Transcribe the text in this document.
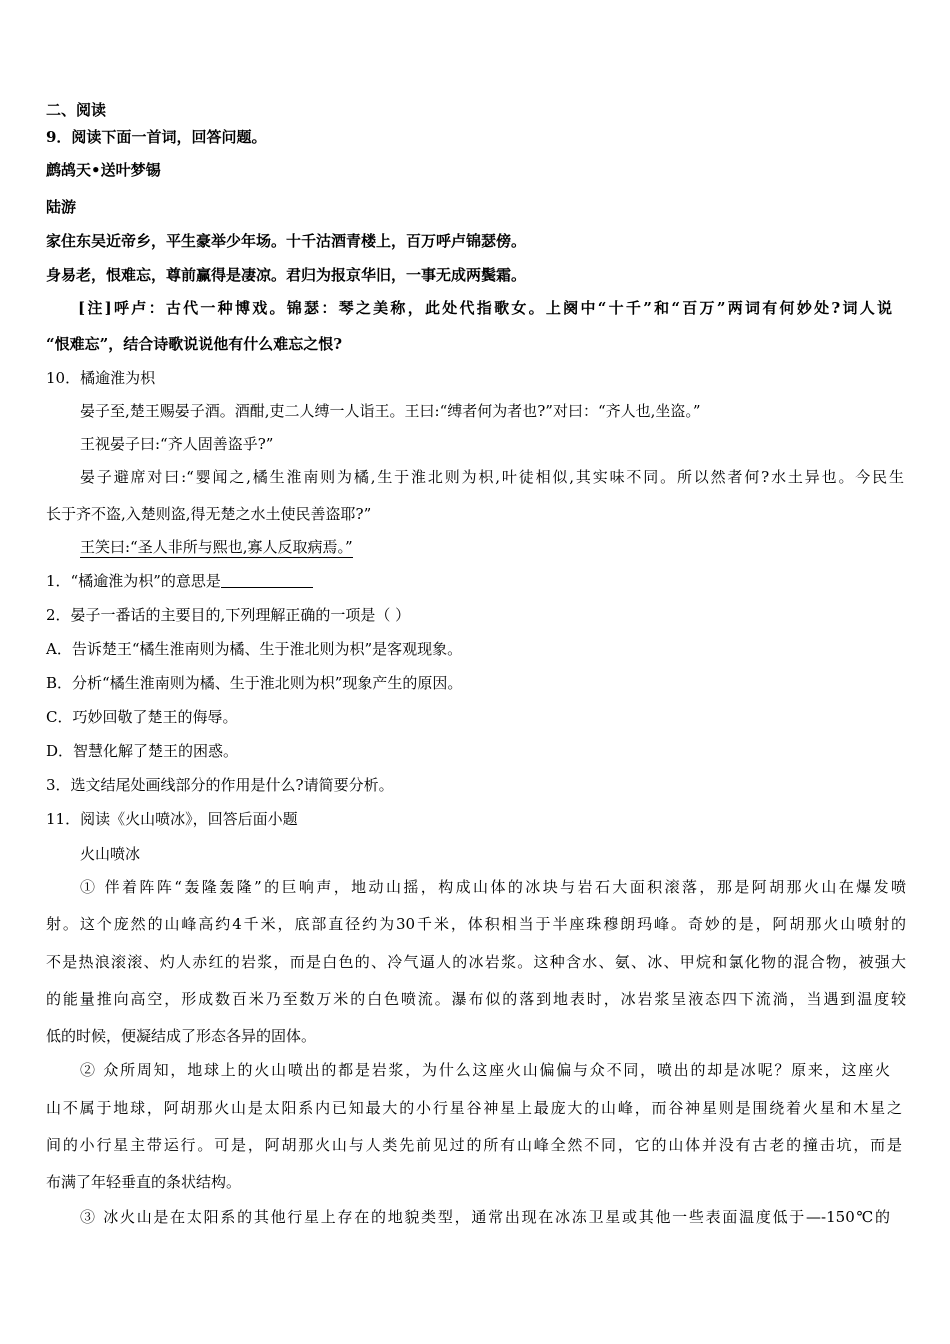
二、阅读
9．阅读下面一首词，回答问题。
鹧鸪天•送叶梦锡
陆游
家住东吴近帝乡，平生豪举少年场。十千沽酒青楼上，百万呼卢锦瑟傍。
身易老，恨难忘，尊前赢得是凄凉。君归为报京华旧，一事无成两鬓霜。
[注]呼卢：古代一种博戏。锦瑟：琴之美称，此处代指歌女。上阕中“十千”和“百万”两词有何妙处?词人说
“恨难忘”，结合诗歌说说他有什么难忘之恨?
10．橘逾淮为枳
晏子至,楚王赐晏子酒。酒酣,吏二人缚一人诣王。王曰:“缚者何为者也?”对曰：“齐人也,坐盗。”
王视晏子曰:“齐人固善盗乎?”
晏子避席对曰:“婴闻之,橘生淮南则为橘,生于淮北则为枳,叶徒相似,其实味不同。所以然者何?水土异也。今民生
长于齐不盗,入楚则盗,得无楚之水土使民善盗耶?”
王笑曰:“圣人非所与熙也,寡人反取病焉。”
1．“橘逾淮为枳”的意思是
2．晏子一番话的主要目的,下列理解正确的一项是（ ）
A．告诉楚王“橘生淮南则为橘、生于淮北则为枳”是客观现象。
B．分析“橘生淮南则为橘、生于淮北则为枳”现象产生的原因。
C．巧妙回敬了楚王的侮辱。
D．智慧化解了楚王的困惑。
3．选文结尾处画线部分的作用是什么?请简要分析。
11．阅读《火山喷冰》，回答后面小题
火山喷冰
① 伴着阵阵“轰隆轰隆”的巨响声，地动山摇，构成山体的冰块与岩石大面积滚落，那是阿胡那火山在爆发喷
射。这个庞然的山峰高约4千米，底部直径约为30千米，体积相当于半座珠穆朗玛峰。奇妙的是，阿胡那火山喷射的
不是热浪滚滚、灼人赤红的岩浆，而是白色的、冷气逼人的冰岩浆。这种含水、氨、冰、甲烷和氯化物的混合物，被强大
的能量推向高空，形成数百米乃至数万米的白色喷流。瀑布似的落到地表时，冰岩浆呈液态四下流淌，当遇到温度较
低的时候，便凝结成了形态各异的固体。
② 众所周知，地球上的火山喷出的都是岩浆，为什么这座火山偏偏与众不同，喷出的却是冰呢？原来，这座火
山不属于地球，阿胡那火山是太阳系内已知最大的小行星谷神星上最庞大的山峰，而谷神星则是围绕着火星和木星之
间的小行星主带运行。可是，阿胡那火山与人类先前见过的所有山峰全然不同，它的山体并没有古老的撞击坑，而是
布满了年轻垂直的条状结构。
③ 冰火山是在太阳系的其他行星上存在的地貌类型，通常出现在冰冻卫星或其他一些表面温度低于—-150℃的
